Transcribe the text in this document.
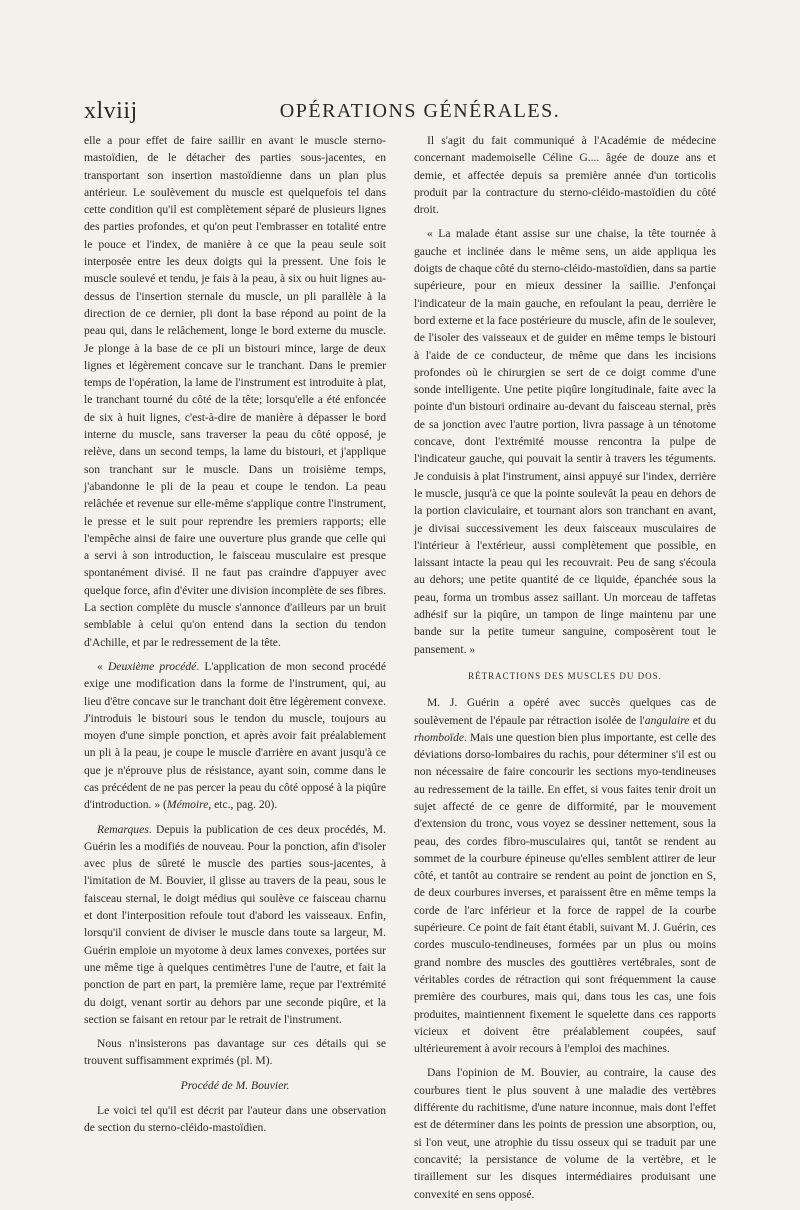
xlviij	OPÉRATIONS GÉNÉRALES.

elle a pour effet de faire saillir en avant le muscle sterno-mastoïdien, de le détacher des parties sous-jacentes, en transportant son insertion mastoïdienne dans un plan plus antérieur. Le soulèvement du muscle est quelquefois tel dans cette condition qu'il est complètement séparé de plusieurs lignes des parties profondes, et qu'on peut l'embrasser en totalité entre le pouce et l'index, de manière à ce que la peau seule soit interposée entre les deux doigts qui la pressent. Une fois le muscle soulevé et tendu, je fais à la peau, à six ou huit lignes au-dessus de l'insertion sternale du muscle, un pli parallèle à la direction de ce dernier, pli dont la base répond au point de la peau qui, dans le relâchement, longe le bord externe du muscle. Je plonge à la base de ce pli un bistouri mince, large de deux lignes et légèrement concave sur le tranchant. Dans le premier temps de l'opération, la lame de l'instrument est introduite à plat, le tranchant tourné du côté de la tête; lorsqu'elle a été enfoncée de six à huit lignes, c'est-à-dire de manière à dépasser le bord interne du muscle, sans traverser la peau du côté opposé, je relève, dans un second temps, la lame du bistouri, et j'applique son tranchant sur le muscle. Dans un troisième temps, j'abandonne le pli de la peau et coupe le tendon. La peau relâchée et revenue sur elle-même s'applique contre l'instrument, le presse et le suit pour reprendre les premiers rapports; elle l'empêche ainsi de faire une ouverture plus grande que celle qui a servi à son introduction, le faisceau musculaire est presque spontanément divisé. Il ne faut pas craindre d'appuyer avec quelque force, afin d'éviter une division incomplète de ses fibres. La section complète du muscle s'annonce d'ailleurs par un bruit semblable à celui qu'on entend dans la section du tendon d'Achille, et par le redressement de la tête.

« Deuxième procédé. L'application de mon second procédé exige une modification dans la forme de l'instrument, qui, au lieu d'être concave sur le tranchant doit être légèrement convexe. J'introduis le bistouri sous le tendon du muscle, toujours au moyen d'une simple ponction, et après avoir fait préalablement un pli à la peau, je coupe le muscle d'arrière en avant jusqu'à ce que je n'éprouve plus de résistance, ayant soin, comme dans le cas précédent de ne pas percer la peau du côté opposé à la piqûre d'introduction. » (Mémoire, etc., pag. 20).

Remarques. Depuis la publication de ces deux procédés, M. Guérin les a modifiés de nouveau. Pour la ponction, afin d'isoler avec plus de sûreté le muscle des parties sous-jacentes, à l'imitation de M. Bouvier, il glisse au travers de la peau, sous le faisceau sternal, le doigt médius qui soulève ce faisceau charnu et dont l'interposition refoule tout d'abord les vaisseaux. Enfin, lorsqu'il convient de diviser le muscle dans toute sa largeur, M. Guérin emploie un myotome à deux lames convexes, portées sur une même tige à quelques centimètres l'une de l'autre, et fait la ponction de part en part, la première lame, reçue par l'extrémité du doigt, venant sortir au dehors par une seconde piqûre, et la section se faisant en retour par le retrait de l'instrument.

Nous n'insisterons pas davantage sur ces détails qui se trouvent suffisamment exprimés (pl. M).

Procédé de M. Bouvier.

Le voici tel qu'il est décrit par l'auteur dans une observation de section du sterno-cléido-mastoïdien.

Il s'agit du fait communiqué à l'Académie de médecine concernant mademoiselle Céline G.... âgée de douze ans et demie, et affectée depuis sa première année d'un torticolis produit par la contracture du sterno-cléido-mastoïdien du côté droit.

« La malade étant assise sur une chaise, la tête tournée à gauche et inclinée dans le même sens, un aide appliqua les doigts de chaque côté du sterno-cléido-mastoïdien, dans sa partie supérieure, pour en mieux dessiner la saillie. J'enfonçai l'indicateur de la main gauche, en refoulant la peau, derrière le bord externe et la face postérieure du muscle, afin de le soulever, de l'isoler des vaisseaux et de guider en même temps le bistouri à l'aide de ce conducteur, de même que dans les incisions profondes où le chirurgien se sert de ce doigt comme d'une sonde intelligente. Une petite piqûre longitudinale, faite avec la pointe d'un bistouri ordinaire au-devant du faisceau sternal, près de sa jonction avec l'autre portion, livra passage à un ténotome concave, dont l'extrémité mousse rencontra la pulpe de l'indicateur gauche, qui pouvait la sentir à travers les téguments. Je conduisis à plat l'instrument, ainsi appuyé sur l'index, derrière le muscle, jusqu'à ce que la pointe soulevât la peau en dehors de la portion claviculaire, et tournant alors son tranchant en avant, je divisai successivement les deux faisceaux musculaires de l'intérieur à l'extérieur, aussi complètement que possible, en laissant intacte la peau qui les recouvrait. Peu de sang s'écoula au dehors; une petite quantité de ce liquide, épanchée sous la peau, forma un trombus assez saillant. Un morceau de taffetas adhésif sur la piqûre, un tampon de linge maintenu par une bande sur la petite tumeur sanguine, composèrent tout le pansement. »

RÉTRACTIONS DES MUSCLES DU DOS.

M. J. Guérin a opéré avec succès quelques cas de soulèvement de l'épaule par rétraction isolée de l'angulaire et du rhomboïde. Mais une question bien plus importante, est celle des déviations dorso-lombaires du rachis, pour déterminer s'il est ou non nécessaire de faire concourir les sections myo-tendineuses au redressement de la taille. En effet, si vous faites tenir droit un sujet affecté de ce genre de difformité, par le mouvement d'extension du tronc, vous voyez se dessiner nettement, sous la peau, des cordes fibro-musculaires qui, tantôt se rendent au sommet de la courbure épineuse qu'elles semblent attirer de leur côté, et tantôt au contraire se rendent au point de jonction en S, de deux courbures inverses, et paraissent être en même temps la corde de l'arc inférieur et la force de rappel de la courbe supérieure. Ce point de fait étant établi, suivant M. J. Guérin, ces cordes musculo-tendineuses, formées par un plus ou moins grand nombre des muscles des gouttières vertébrales, sont de véritables cordes de rétraction qui sont fréquemment la cause première des courbures, mais qui, dans tous les cas, une fois produites, maintiennent fixement le squelette dans ces rapports vicieux et doivent être préalablement coupées, sauf ultérieurement à avoir recours à l'emploi des machines.

Dans l'opinion de M. Bouvier, au contraire, la cause des courbures tient le plus souvent à une maladie des vertèbres différente du rachitisme, d'une nature inconnue, mais dont l'effet est de déterminer dans les points de pression une absorption, ou, si l'on veut, une atrophie du tissu osseux qui se traduit par une concavité; la persistance de volume de la vertèbre, et le tiraillement sur les disques intermédiaires produisant une convexité en sens opposé.
